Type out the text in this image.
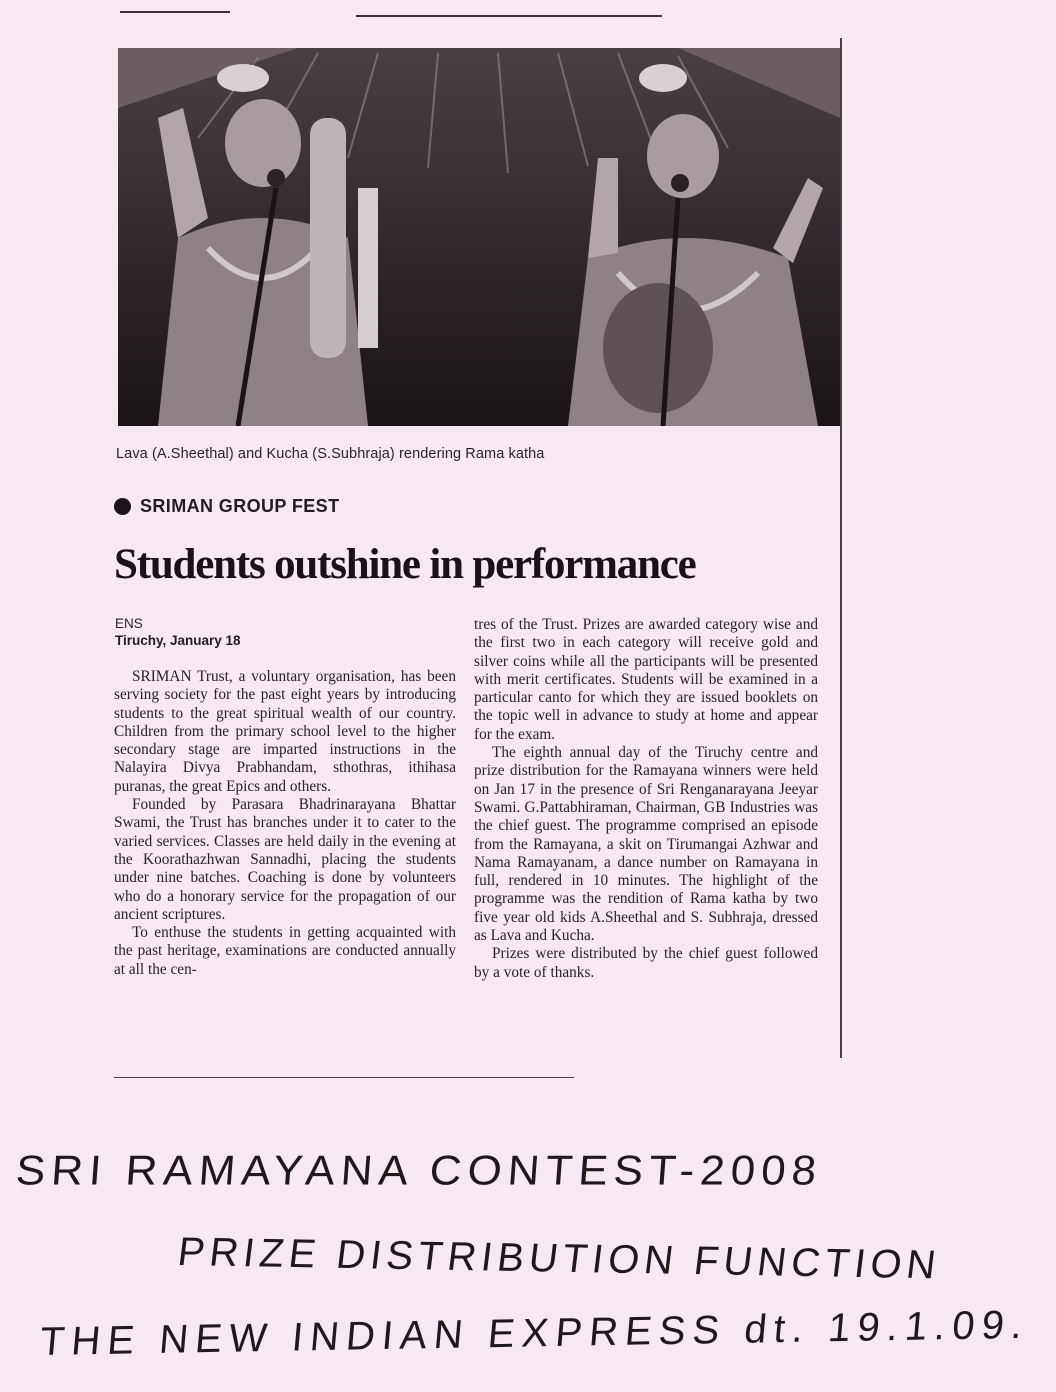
Lava (A.Sheethal) and Kucha (S.Subhraja) rendering Rama katha
SRIMAN GROUP FEST
Students outshine in performance
ENS
Tiruchy, January 18

SRIMAN Trust, a voluntary organisation, has been serving society for the past eight years by introducing students to the great spiritual wealth of our country. Children from the primary school level to the higher secondary stage are imparted instructions in the Nalayira Divya Prabhandam, sthothras, ithihasa puranas, the great Epics and others.

Founded by Parasara Bhadrinarayana Bhattar Swami, the Trust has branches under it to cater to the varied services. Classes are held daily in the evening at the Koorathazhwan Sannadhi, placing the students under nine batches. Coaching is done by volunteers who do a honorary service for the propagation of our ancient scriptures.

To enthuse the students in getting acquainted with the past heritage, examinations are conducted annually at all the cen-

tres of the Trust. Prizes are awarded category wise and the first two in each category will receive gold and silver coins while all the participants will be presented with merit certificates. Students will be examined in a particular canto for which they are issued booklets on the topic well in advance to study at home and appear for the exam.

The eighth annual day of the Tiruchy centre and prize distribution for the Ramayana winners were held on Jan 17 in the presence of Sri Renganarayana Jeeyar Swami. G.Pattabhiraman, Chairman, GB Industries was the chief guest. The programme comprised an episode from the Ramayana, a skit on Tirumangai Azhwar and Nama Ramayanam, a dance number on Ramayana in full, rendered in 10 minutes. The highlight of the programme was the rendition of Rama katha by two five year old kids A.Sheethal and S. Subhraja, dressed as Lava and Kucha.

Prizes were distributed by the chief guest followed by a vote of thanks.

SRI RAMAYANA CONTEST-2008
PRIZE DISTRIBUTION FUNCTION
THE NEW INDIAN EXPRESS dt. 19.1.09.
